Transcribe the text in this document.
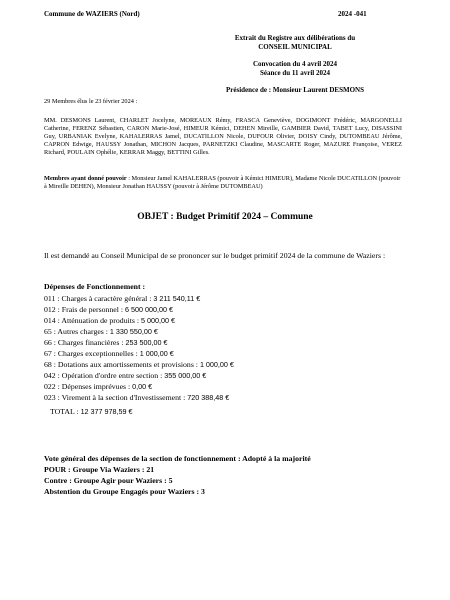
Commune de WAZIERS (Nord)	2024 -041
Extrait du Registre aux délibérations du
CONSEIL MUNICIPAL
Convocation du 4 avril 2024
Séance du 11 avril 2024
Présidence de : Monsieur Laurent DESMONS
29 Membres élus le 23 février 2024 :
MM. DESMONS Laurent, CHARLET Jocelyne, MOREAUX Rémy, FRASCA Geneviève, DOGIMONT Frédéric, MARGONELLI Catherine, FERENZ Sébastien, CARON Marie-José, HIMEUR Kémici, DEHEN Mireille, GAMBIER David, TABET Lucy, DISASSINI Guy, URBANIAK Evelyne, KAHALERRAS Jamel, DUCATILLON Nicole, DUFOUR Olivier, DOISY Cindy, DUTOMBEAU Jérôme, CAPRON Edwige, HAUSSY Jonathan, MICHON Jacques, PARNETZKI Claudine, MASCARTE Roger, MAZURE Françoise, VEREZ Richard, POULAIN Ophélie, KERRAR Maggy, BETTINI Gilles.
Membres ayant donné pouvoir : Monsieur Jamel KAHALERRAS (pouvoir à Kémici HIMEUR), Madame Nicole DUCATILLON (pouvoir à Mireille DEHEN), Monsieur Jonathan HAUSSY (pouvoir à Jérôme DUTOMBEAU)
OBJET : Budget Primitif 2024 – Commune
Il est demandé au Conseil Municipal de se prononcer sur le budget primitif 2024 de la commune de Waziers :
Dépenses de Fonctionnement :
011 : Charges à caractère général : 3 211 540,11 €
012 : Frais de personnel : 6 500 000,00 €
014 : Atténuation de produits : 5 000,00 €
65 : Autres charges : 1 330 550,00 €
66 : Charges financières : 253 500,00 €
67 : Charges exceptionnelles : 1 000,00 €
68 : Dotations aux amortissements et provisions : 1 000,00 €
042 : Opération d'ordre entre section : 355 000,00 €
022 : Dépenses imprévues : 0,00 €
023 : Virement à la section d'Investissement : 720 388,48 €
TOTAL : 12 377 978,59 €
Vote général des dépenses de la section de fonctionnement : Adopté à la majorité
POUR : Groupe Via Waziers : 21
Contre : Groupe Agir pour Waziers : 5
Abstention du Groupe Engagés pour Waziers : 3
